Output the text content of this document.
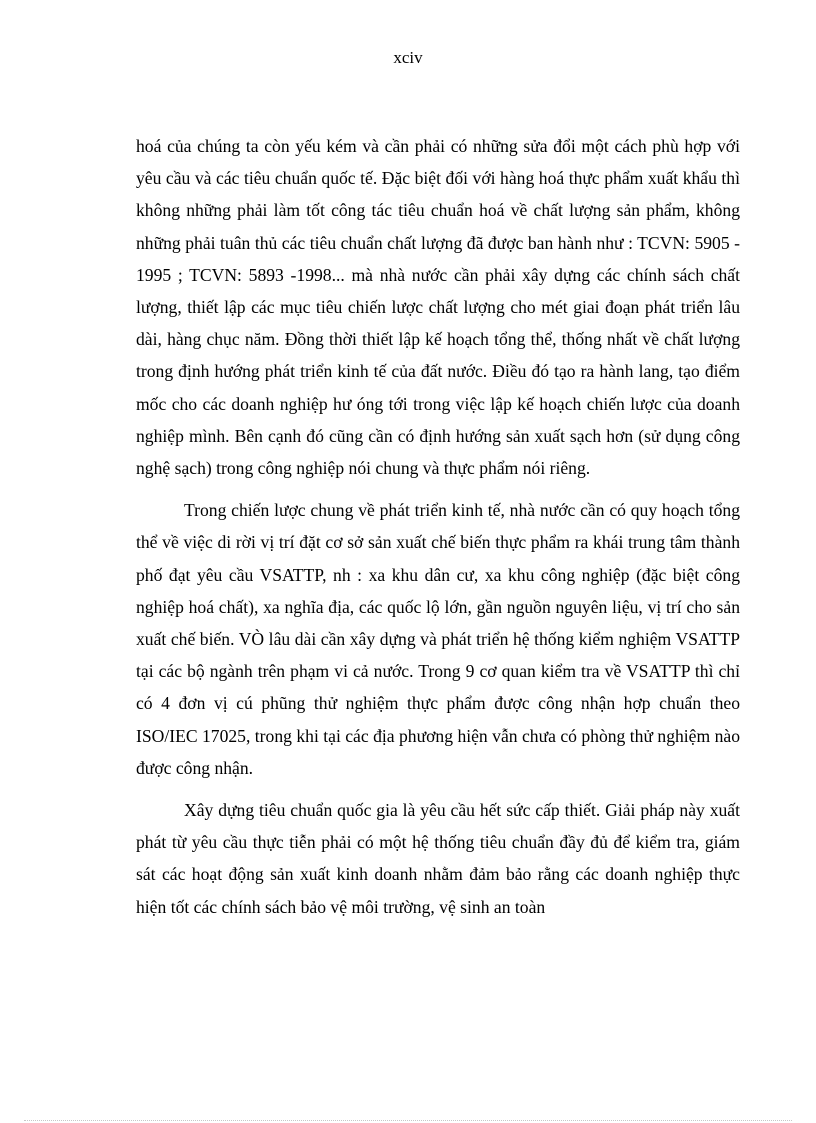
xciv

hoá của chúng ta còn yếu kém và cần phải có những sửa đổi một cách phù hợp với yêu cầu và các tiêu chuẩn quốc tế. Đặc biệt đối với hàng hoá thực phẩm xuất khẩu thì không những phải làm tốt công tác tiêu chuẩn hoá về chất lượng sản phẩm, không những phải tuân thủ các tiêu chuẩn chất lượng đã được ban hành như : TCVN: 5905 - 1995 ; TCVN: 5893 -1998... mà nhà nước cần phải xây dựng các chính sách chất lượng, thiết lập các mục tiêu chiến lược chất lượng cho mét giai đoạn phát triển lâu dài, hàng chục năm. Đồng thời thiết lập kế hoạch tổng thể, thống nhất về chất lượng trong định hướng phát triển kinh tế của đất nước. Điều đó tạo ra hành lang, tạo điểm mốc cho các doanh nghiệp hư óng tới trong việc lập kế hoạch chiến lược của doanh nghiệp mình. Bên cạnh đó cũng cần có định hướng sản xuất sạch hơn (sử dụng công nghệ sạch) trong công nghiệp nói chung và thực phẩm nói riêng.

Trong chiến lược chung về phát triển kinh tế, nhà nước cần có quy hoạch tổng thể về việc di rời vị trí đặt cơ sở sản xuất chế biến thực phẩm ra khái trung tâm thành phố đạt yêu cầu VSATTP, nh : xa khu dân cư, xa khu công nghiệp (đặc biệt công nghiệp hoá chất), xa nghĩa địa, các quốc lộ lớn, gần nguồn nguyên liệu, vị trí cho sản xuất chế biến. VÒ lâu dài cần xây dựng và phát triển hệ thống kiểm nghiệm VSATTP tại các bộ ngành trên phạm vi cả nước. Trong 9 cơ quan kiểm tra về VSATTP thì chỉ có 4 đơn vị cú phũng thử nghiệm thực phẩm được công nhận hợp chuẩn theo ISO/IEC 17025, trong khi tại các địa phương hiện vẫn chưa có phòng thử nghiệm nào được công nhận.

Xây dựng tiêu chuẩn quốc gia là yêu cầu hết sức cấp thiết. Giải pháp này xuất phát từ yêu cầu thực tiễn phải có một hệ thống tiêu chuẩn đầy đủ để kiểm tra, giám sát các hoạt động sản xuất kinh doanh nhằm đảm bảo rằng các doanh nghiệp thực hiện tốt các chính sách bảo vệ môi trường, vệ sinh an toàn
